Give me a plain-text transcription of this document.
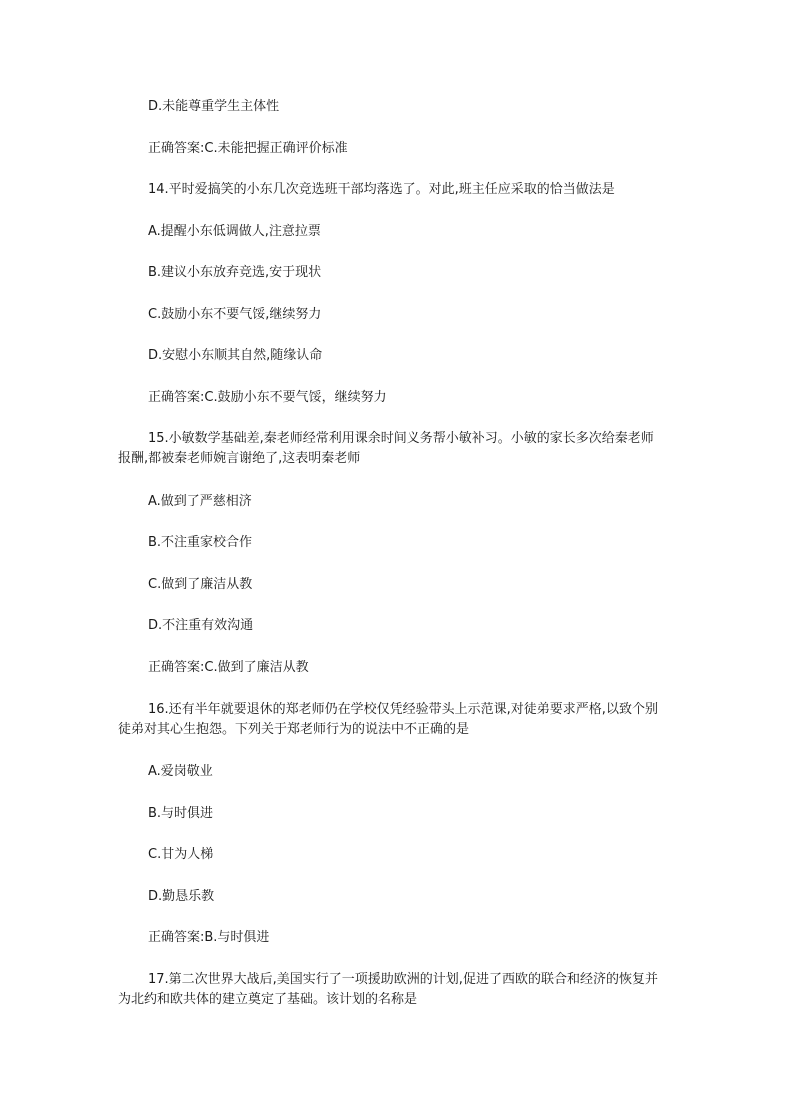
D.未能尊重学生主体性
正确答案:C.未能把握正确评价标准
14.平时爱搞笑的小东几次竞选班干部均落选了。对此,班主任应采取的恰当做法是
A.提醒小东低调做人,注意拉票
B.建议小东放弃竞选,安于现状
C.鼓励小东不要气馁,继续努力
D.安慰小东顺其自然,随缘认命
正确答案:C.鼓励小东不要气馁，继续努力
15.小敏数学基础差,秦老师经常利用课余时间义务帮小敏补习。小敏的家长多次给秦老师报酬,都被秦老师婉言谢绝了,这表明秦老师
A.做到了严慈相济
B.不注重家校合作
C.做到了廉洁从教
D.不注重有效沟通
正确答案:C.做到了廉洁从教
16.还有半年就要退休的郑老师仍在学校仅凭经验带头上示范课,对徒弟要求严格,以致个别徒弟对其心生抱怨。下列关于郑老师行为的说法中不正确的是
A.爱岗敬业
B.与时俱进
C.甘为人梯
D.勤恳乐教
正确答案:B.与时俱进
17.第二次世界大战后,美国实行了一项援助欧洲的计划,促进了西欧的联合和经济的恢复并为北约和欧共体的建立奠定了基础。该计划的名称是
